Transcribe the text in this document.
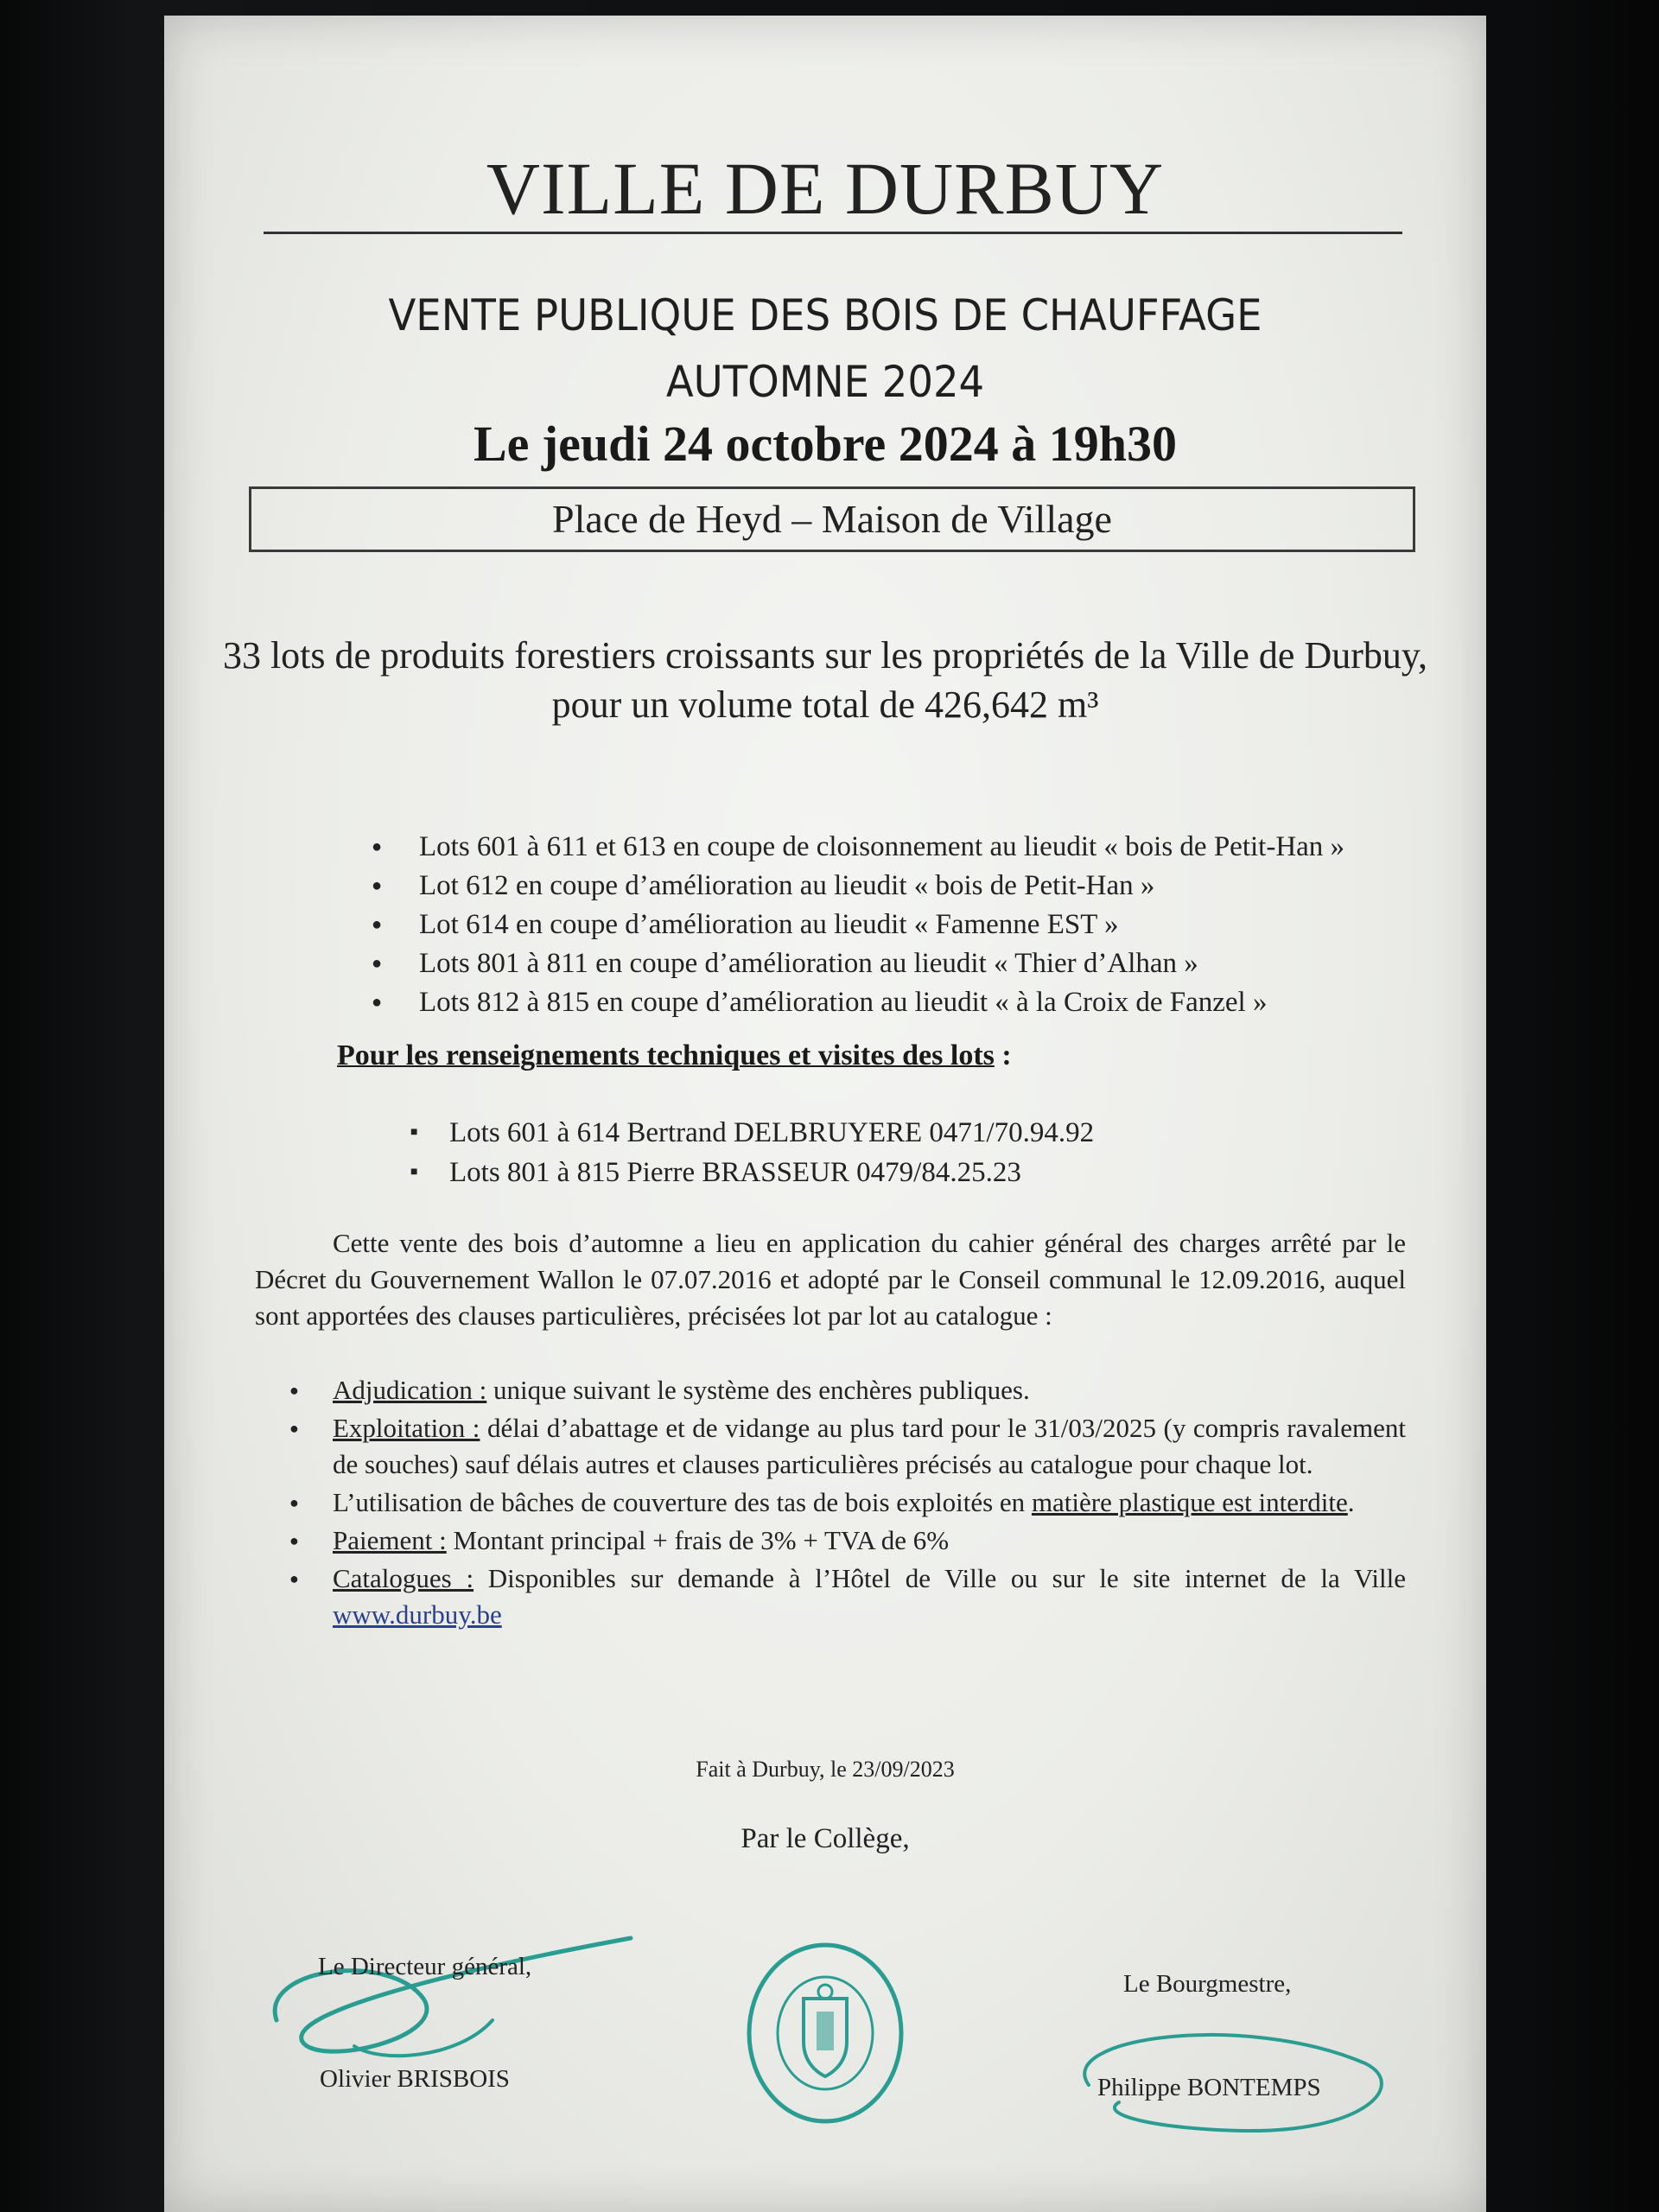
VILLE DE DURBUY
VENTE PUBLIQUE DES BOIS DE CHAUFFAGE
AUTOMNE 2024
Le jeudi 24 octobre 2024 à 19h30
Place de Heyd – Maison de Village
33 lots de produits forestiers croissants sur les propriétés de la Ville de Durbuy,
pour un volume total de 426,642 m³
● Lots 601 à 611 et 613 en coupe de cloisonnement au lieudit « bois de Petit-Han »
● Lot 612 en coupe d’amélioration au lieudit « bois de Petit-Han »
● Lot 614 en coupe d’amélioration au lieudit « Famenne EST »
● Lots 801 à 811 en coupe d’amélioration au lieudit « Thier d’Alhan »
● Lots 812 à 815 en coupe d’amélioration au lieudit « à la Croix de Fanzel »
Pour les renseignements techniques et visites des lots :
■ Lots 601 à 614 Bertrand DELBRUYERE 0471/70.94.92
■ Lots 801 à 815 Pierre BRASSEUR 0479/84.25.23
Cette vente des bois d’automne a lieu en application du cahier général des charges arrêté par le Décret du Gouvernement Wallon le 07.07.2016 et adopté par le Conseil communal le 12.09.2016, auquel sont apportées des clauses particulières, précisées lot par lot au catalogue :
● Adjudication : unique suivant le système des enchères publiques.
● Exploitation : délai d’abattage et de vidange au plus tard pour le 31/03/2025 (y compris ravalement de souches) sauf délais autres et clauses particulières précisés au catalogue pour chaque lot.
● L’utilisation de bâches de couverture des tas de bois exploités en matière plastique est interdite.
● Paiement : Montant principal + frais de 3% + TVA de 6%
● Catalogues : Disponibles sur demande à l’Hôtel de Ville ou sur le site internet de la Ville www.durbuy.be
Fait à Durbuy, le 23/09/2023
Par le Collège,
Le Directeur général,
Olivier BRISBOIS
Le Bourgmestre,
Philippe BONTEMPS
